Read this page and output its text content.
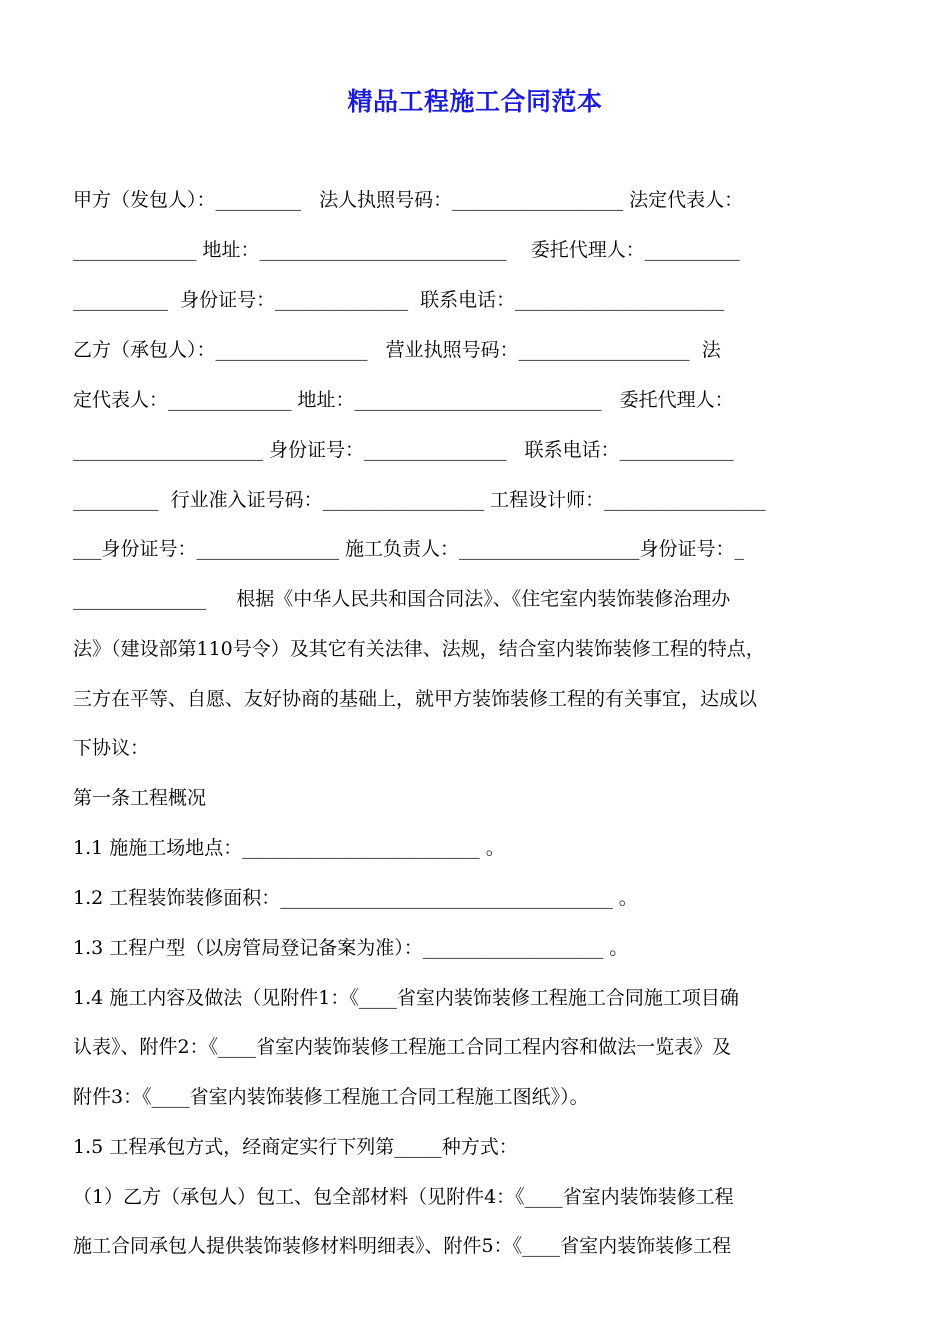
精品工程施工合同范本
甲方（发包人）：_________   法人执照号码：__________________ 法定代表人：
_____________ 地址：__________________________    委托代理人：__________
__________  身份证号：______________  联系电话：______________________
乙方（承包人）：________________   营业执照号码：__________________  法
定代表人：_____________ 地址：__________________________   委托代理人：
____________________ 身份证号：_______________   联系电话：____________
_________  行业准入证号码：_________________ 工程设计师：_________________
___身份证号：_______________ 施工负责人：___________________身份证号：_
______________     根据《中华人民共和国合同法》、《住宅室内装饰装修治理办
法》（建设部第110号令）及其它有关法律、法规，结合室内装饰装修工程的特点，
三方在平等、自愿、友好协商的基础上，就甲方装饰装修工程的有关事宜，达成以
下协议：
第一条工程概况
1.1 施施工场地点：_________________________ 。
1.2 工程装饰装修面积：___________________________________ 。
1.3 工程户型（以房管局登记备案为准）：___________________ 。
1.4 施工内容及做法（见附件1：《____省室内装饰装修工程施工合同施工项目确
认表》、附件2：《____省室内装饰装修工程施工合同工程内容和做法一览表》及
附件3：《____省室内装饰装修工程施工合同工程施工图纸》）。
1.5 工程承包方式，经商定实行下列第_____种方式：
（1）乙方（承包人）包工、包全部材料（见附件4：《____省室内装饰装修工程
施工合同承包人提供装饰装修材料明细表》、附件5：《____省室内装饰装修工程
